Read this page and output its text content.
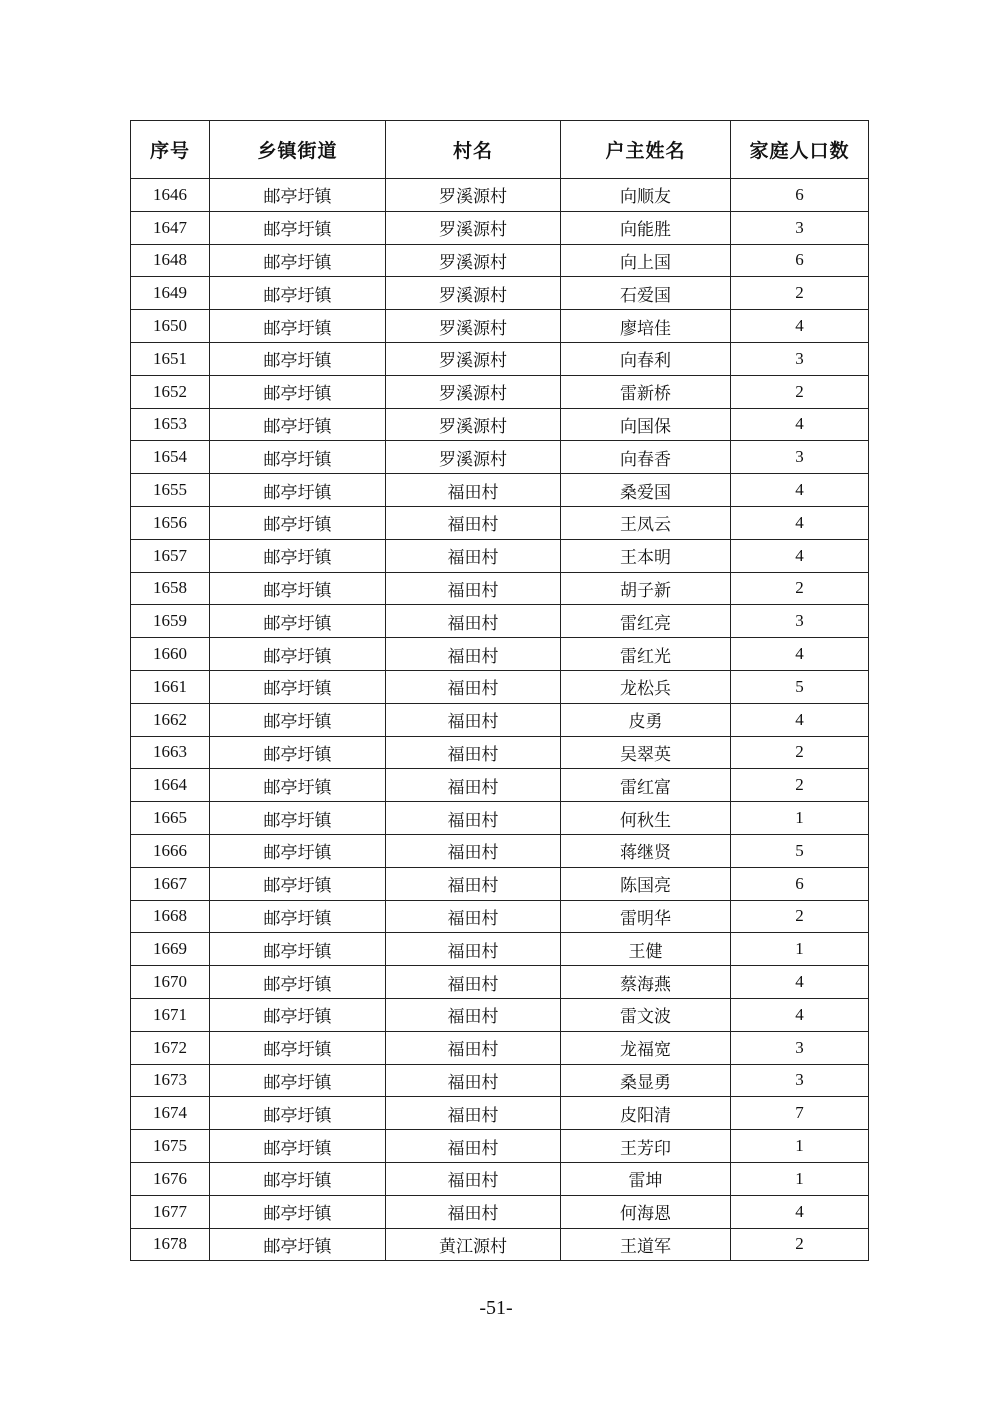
序号	乡镇街道	村名	户主姓名	家庭人口数
1646	邮亭圩镇	罗溪源村	向顺友	6
1647	邮亭圩镇	罗溪源村	向能胜	3
1648	邮亭圩镇	罗溪源村	向上国	6
1649	邮亭圩镇	罗溪源村	石爱国	2
1650	邮亭圩镇	罗溪源村	廖培佳	4
1651	邮亭圩镇	罗溪源村	向春利	3
1652	邮亭圩镇	罗溪源村	雷新桥	2
1653	邮亭圩镇	罗溪源村	向国保	4
1654	邮亭圩镇	罗溪源村	向春香	3
1655	邮亭圩镇	福田村	桑爱国	4
1656	邮亭圩镇	福田村	王凤云	4
1657	邮亭圩镇	福田村	王本明	4
1658	邮亭圩镇	福田村	胡子新	2
1659	邮亭圩镇	福田村	雷红亮	3
1660	邮亭圩镇	福田村	雷红光	4
1661	邮亭圩镇	福田村	龙松兵	5
1662	邮亭圩镇	福田村	皮勇	4
1663	邮亭圩镇	福田村	吴翠英	2
1664	邮亭圩镇	福田村	雷红富	2
1665	邮亭圩镇	福田村	何秋生	1
1666	邮亭圩镇	福田村	蒋继贤	5
1667	邮亭圩镇	福田村	陈国亮	6
1668	邮亭圩镇	福田村	雷明华	2
1669	邮亭圩镇	福田村	王健	1
1670	邮亭圩镇	福田村	蔡海燕	4
1671	邮亭圩镇	福田村	雷文波	4
1672	邮亭圩镇	福田村	龙福宽	3
1673	邮亭圩镇	福田村	桑显勇	3
1674	邮亭圩镇	福田村	皮阳清	7
1675	邮亭圩镇	福田村	王芳印	1
1676	邮亭圩镇	福田村	雷坤	1
1677	邮亭圩镇	福田村	何海恩	4
1678	邮亭圩镇	黄江源村	王道军	2
-51-
